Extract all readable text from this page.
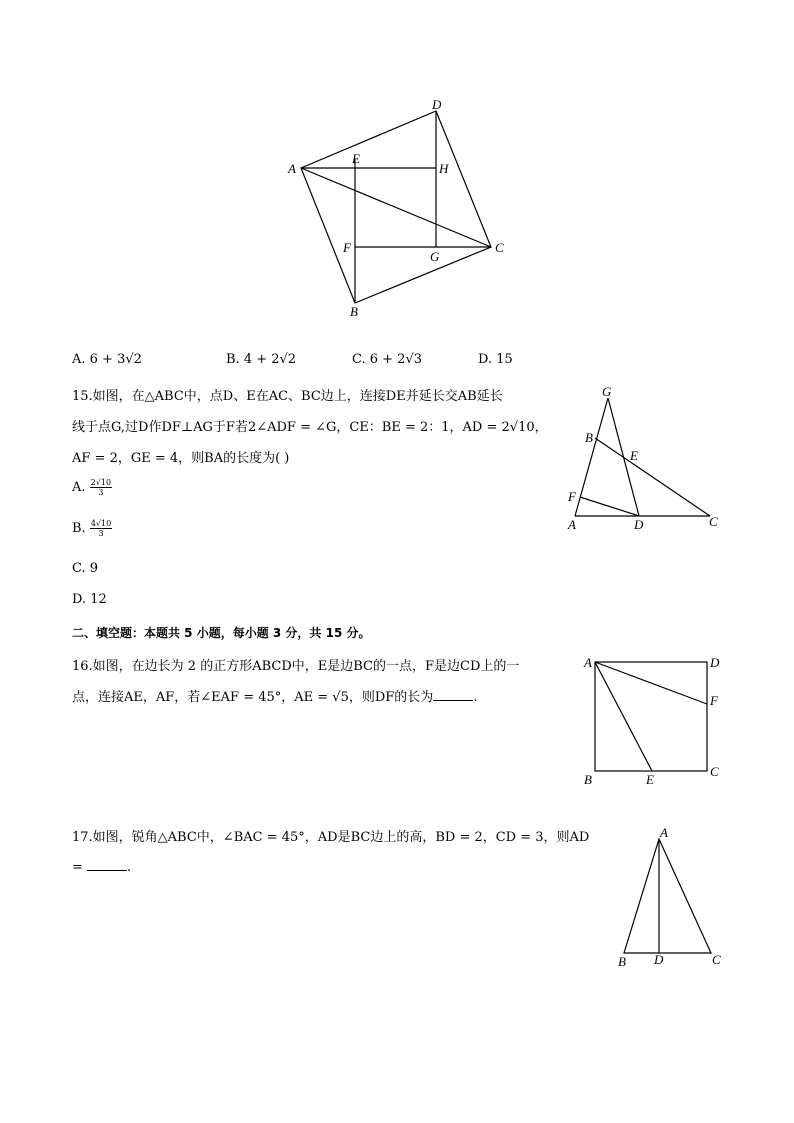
D
A
E
H
F
G
C
B
A. 6 + 3√2	B. 4 + 2√2	C. 6 + 2√3	D. 15
15.如图，在△ABC中，点D、E在AC、BC边上，连接DE并延长交AB延长
线于点G,过D作DF⊥AG于F若2∠ADF = ∠G，CE：BE = 2：1，AD = 2√10，
AF = 2，GE = 4，则BA的长度为( )
A. $\frac{2√10}{3}$
B. $\frac{4√10}{3}$
C. 9
D. 12
G
B
E
F
A	D	C
二、填空题：本题共 5 小题，每小题 3 分，共 15 分。
16.如图，在边长为 2 的正方形ABCD中，E是边BC的一点，F是边CD上的一
点，连接AE，AF，若∠EAF = 45°，AE = √5，则DF的长为	.
A	D
F
B	E
C
17.如图，锐角△ABC中，∠BAC = 45°，AD是BC边上的高，BD = 2，CD = 3，则AD
=	.
A
B D	C
